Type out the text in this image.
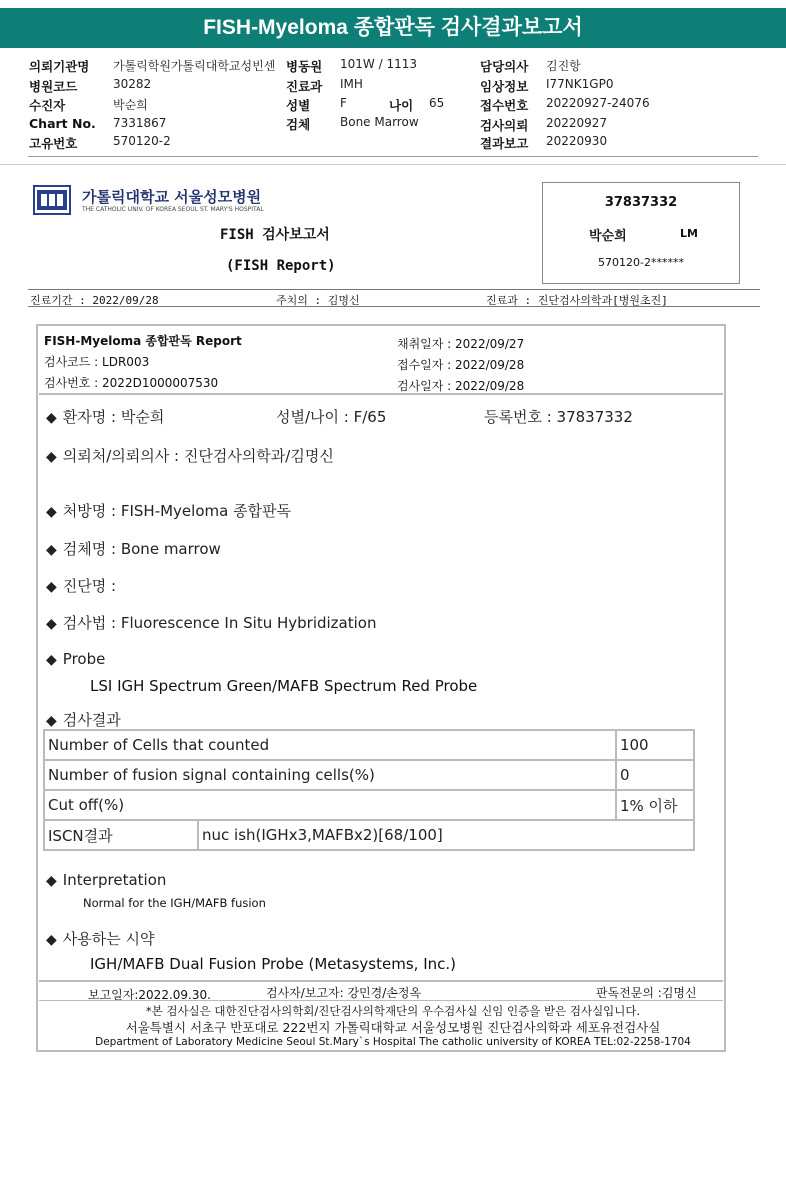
FISH-Myeloma 종합판독 검사결과보고서
의뢰기관명 가톨릭학원가톨릭대학교성빈센
병원코드	30282
수진자	박순희
Chart No. 7331867
고유번호	570120-2
병동원 101W / 1113
진료과 IMH
성별 F	나이 65
검체 Bone Marrow
담당의사 김진항
임상정보 I77NK1GP0
접수번호 20220927-24076
검사의뢰 20220927
결과보고 20220930
가톨릭대학교 서울성모병원
THE CATHOLIC UNIV. OF KOREA SEOUL ST. MARY'S HOSPITAL
FISH 검사보고서
(FISH Report)
37837332
박순희	LM
570120-2******
진료기간 : 2022/09/28	주치의 : 김명신	진료과 : 진단검사의학과[병원초진]
FISH-Myeloma 종합판독 Report
검사코드 : LDR003
검사번호 : 2022D1000007530
채취일자 : 2022/09/27
접수일자 : 2022/09/28
검사일자 : 2022/09/28
◆ 환자명 : 박순희	성별/나이 : F/65	등록번호 : 37837332
◆ 의뢰처/의뢰의사 : 진단검사의학과/김명신
◆ 처방명 : FISH-Myeloma 종합판독
◆ 검체명 : Bone marrow
◆ 진단명 :
◆ 검사법 : Fluorescence In Situ Hybridization
◆ Probe
LSI IGH Spectrum Green/MAFB Spectrum Red Probe
◆ 검사결과
Number of Cells that counted		100
Number of fusion signal containing cells(%)		0
Cut off(%)		1% 이하
ISCN결과	nuc ish(IGHx3,MAFBx2)[68/100]	
◆ Interpretation
Normal for the IGH/MAFB fusion
◆ 사용하는 시약
IGH/MAFB Dual Fusion Probe (Metasystems, Inc.)
보고일자:2022.09.30.	검사자/보고자: 강민경/손정옥	판독전문의 :김명신
*본 검사실은 대한진단검사의학회/진단검사의학재단의 우수검사실 신임 인증을 받은 검사실입니다.
서울특별시 서초구 반포대로 222번지 가톨릭대학교 서울성모병원 진단검사의학과 세포유전검사실
Department of Laboratory Medicine Seoul St.Mary`s Hospital The catholic university of KOREA TEL:02-2258-1704
